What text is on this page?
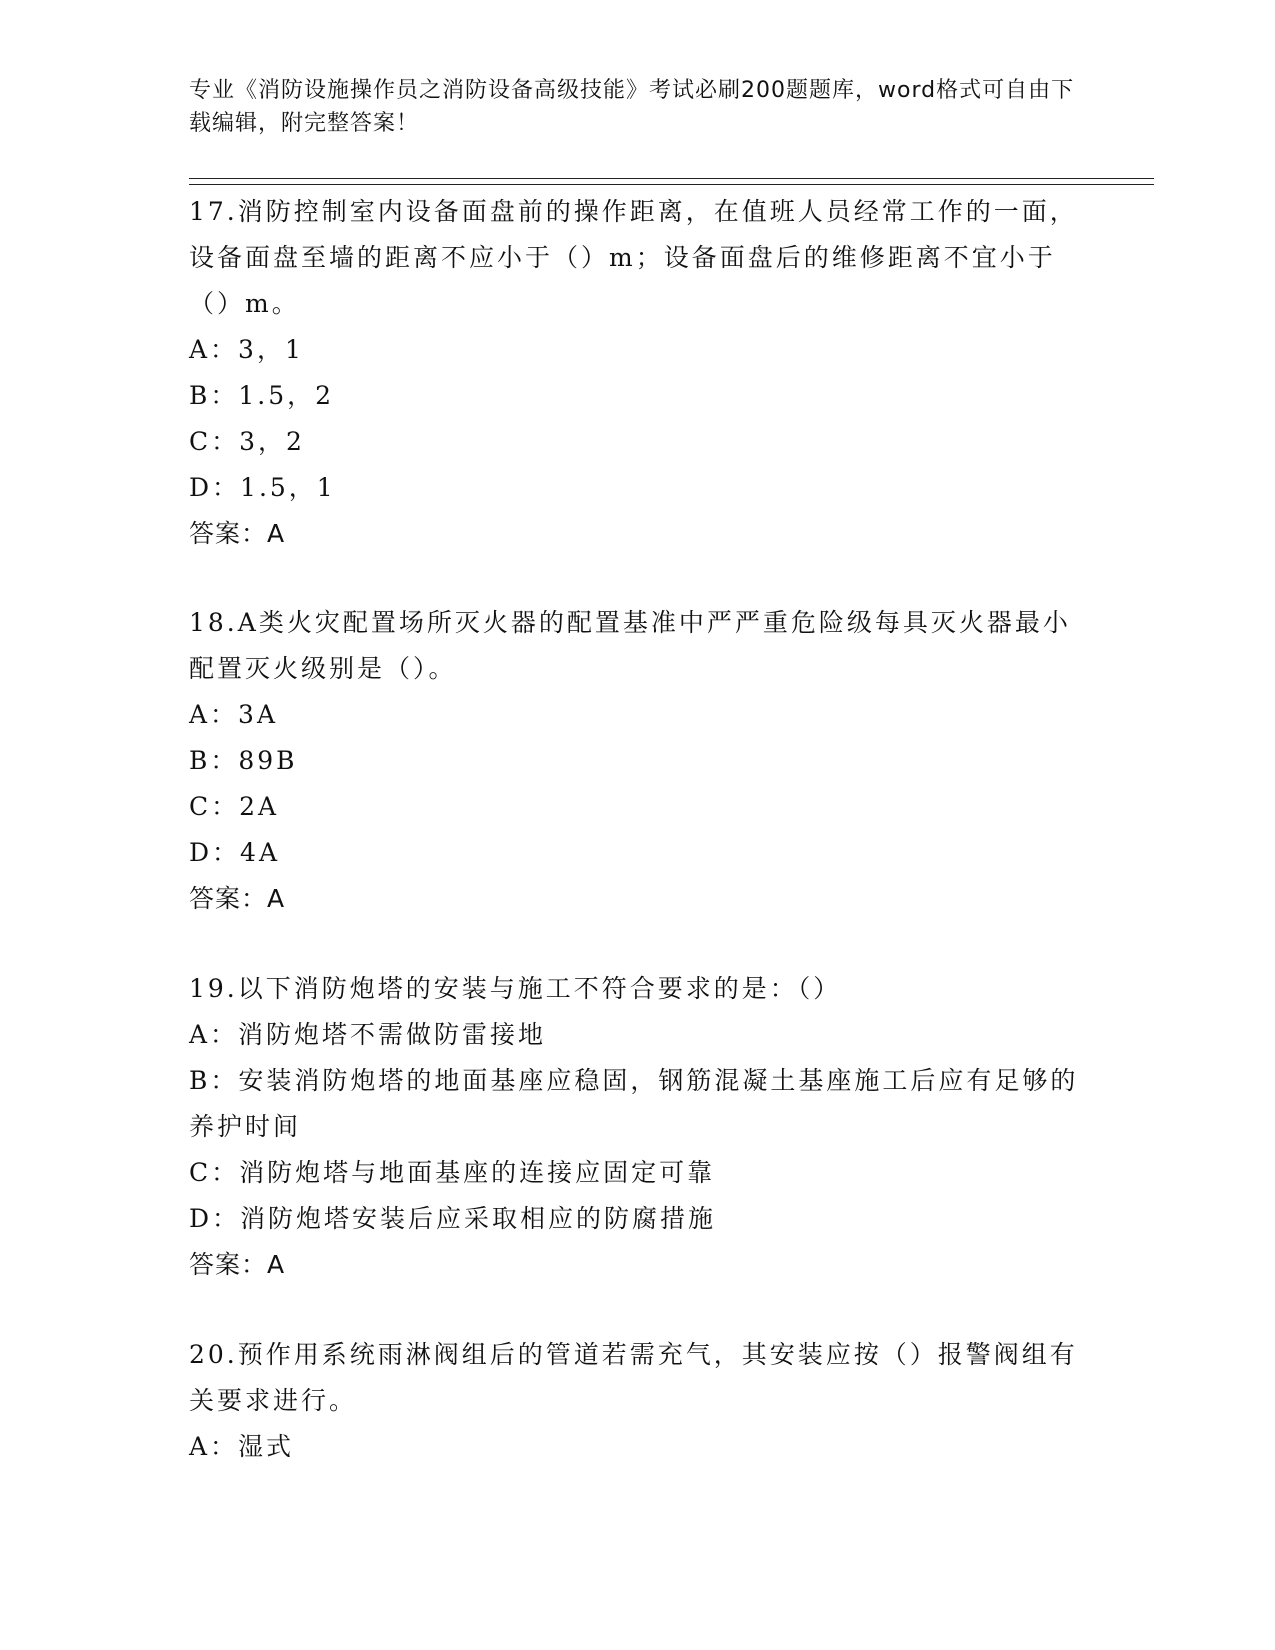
专业《消防设施操作员之消防设备高级技能》考试必刷200题题库，word格式可自由下载编辑，附完整答案！

17.消防控制室内设备面盘前的操作距离，在值班人员经常工作的一面，设备面盘至墙的距离不应小于（）m；设备面盘后的维修距离不宜小于（）m。

A：3，1

B：1.5，2

C：3，2

D：1.5，1

答案：A

18.A类火灾配置场所灭火器的配置基准中严严重危险级每具灭火器最小配置灭火级别是（）。

A：3A

B：89B

C：2A

D：4A

答案：A

19.以下消防炮塔的安装与施工不符合要求的是：（）

A：消防炮塔不需做防雷接地

B：安装消防炮塔的地面基座应稳固，钢筋混凝土基座施工后应有足够的养护时间

C：消防炮塔与地面基座的连接应固定可靠

D：消防炮塔安装后应采取相应的防腐措施

答案：A

20.预作用系统雨淋阀组后的管道若需充气，其安装应按（）报警阀组有关要求进行。

A：湿式
